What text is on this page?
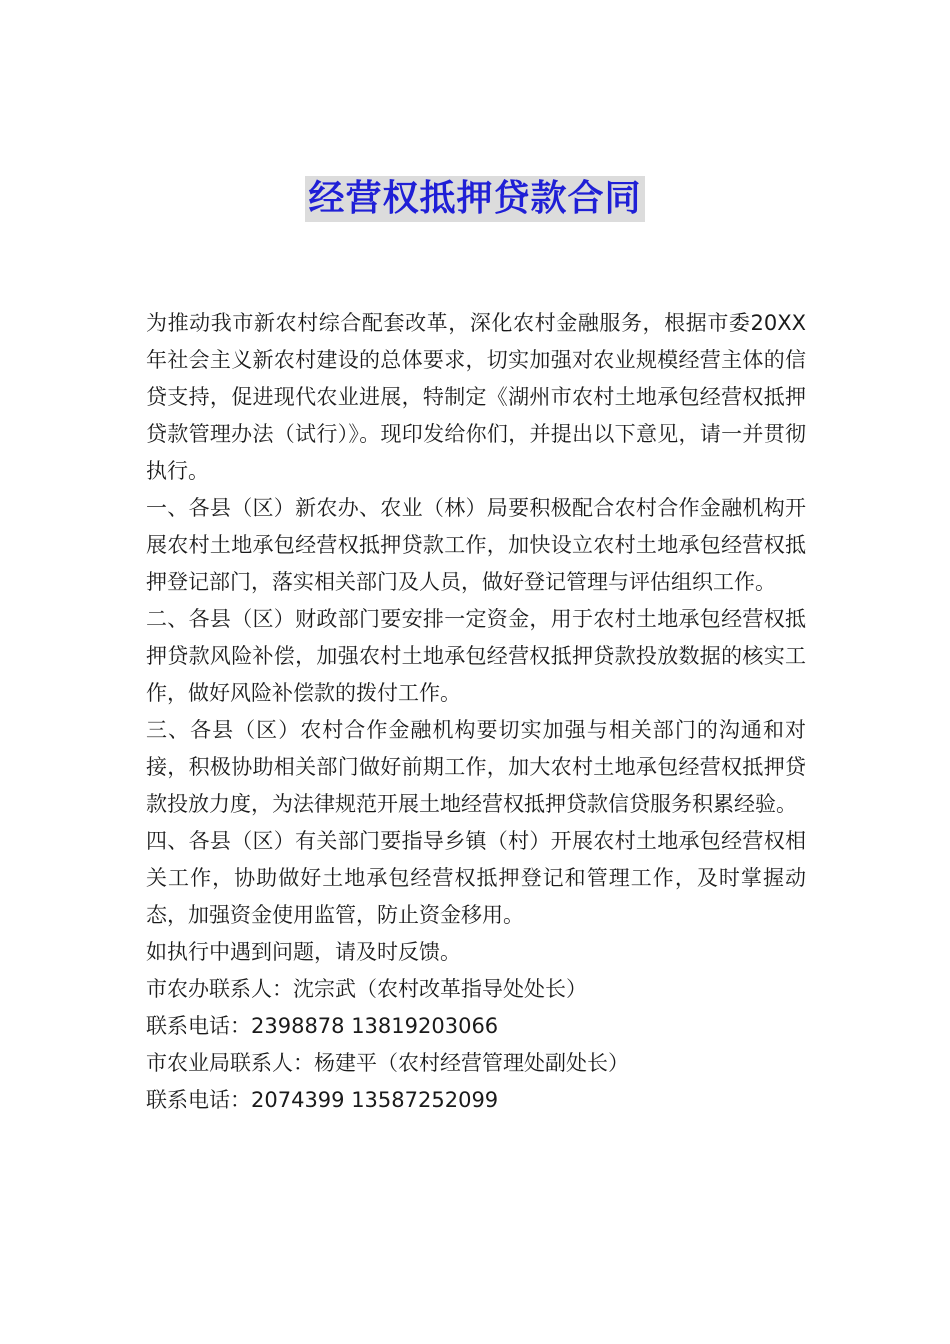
经营权抵押贷款合同

为推动我市新农村综合配套改革，深化农村金融服务，根据市委20XX年社会主义新农村建设的总体要求，切实加强对农业规模经营主体的信贷支持，促进现代农业进展，特制定《湖州市农村土地承包经营权抵押贷款管理办法（试行）》。现印发给你们，并提出以下意见，请一并贯彻执行。

一、各县（区）新农办、农业（林）局要积极配合农村合作金融机构开展农村土地承包经营权抵押贷款工作，加快设立农村土地承包经营权抵押登记部门，落实相关部门及人员，做好登记管理与评估组织工作。

二、各县（区）财政部门要安排一定资金，用于农村土地承包经营权抵押贷款风险补偿，加强农村土地承包经营权抵押贷款投放数据的核实工作，做好风险补偿款的拨付工作。

三、各县（区）农村合作金融机构要切实加强与相关部门的沟通和对接，积极协助相关部门做好前期工作，加大农村土地承包经营权抵押贷款投放力度，为法律规范开展土地经营权抵押贷款信贷服务积累经验。

四、各县（区）有关部门要指导乡镇（村）开展农村土地承包经营权相关工作，协助做好土地承包经营权抵押登记和管理工作，及时掌握动态，加强资金使用监管，防止资金移用。

如执行中遇到问题，请及时反馈。

市农办联系人：沈宗武（农村改革指导处处长）

联系电话：2398878 13819203066

市农业局联系人：杨建平（农村经营管理处副处长）

联系电话：2074399 13587252099
